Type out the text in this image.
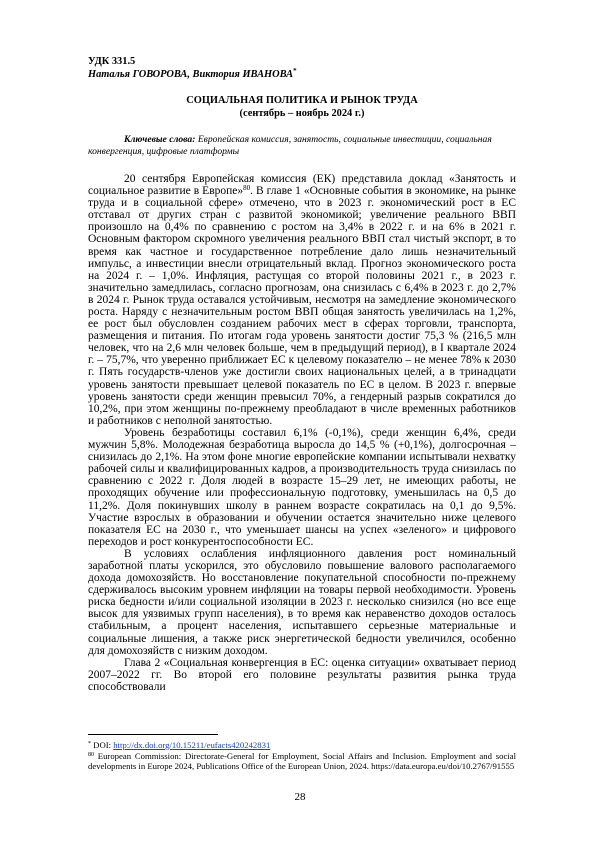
УДК 331.5
Наталья ГОВОРОВА, Виктория ИВАНОВА*
СОЦИАЛЬНАЯ ПОЛИТИКА И РЫНОК ТРУДА
(сентябрь – ноябрь 2024 г.)
Ключевые слова: Европейская комиссия, занятость, социальные инвестиции, социальная конвергенция, цифровые платформы

20 сентября Европейская комиссия (ЕК) представила доклад «Занятость и социальное развитие в Европе»$^{80}$. В главе 1 «Основные события в экономике, на рынке труда и в социальной сфере» отмечено, что в 2023 г. экономический рост в ЕС отставал от других стран с развитой экономикой; увеличение реального ВВП произошло на 0,4% по сравнению с ростом на 3,4% в 2022 г. и на 6% в 2021 г. Основным фактором скромного увеличения реального ВВП стал чистый экспорт, в то время как частное и государственное потребление дало лишь незначительный импульс, а инвестиции внесли отрицательный вклад. Прогноз экономического роста на 2024 г. – 1,0%. Инфляция, растущая со второй половины 2021 г., в 2023 г. значительно замедлилась, согласно прогнозам, она снизилась с 6,4% в 2023 г. до 2,7% в 2024 г. Рынок труда оставался устойчивым, несмотря на замедление экономического роста. Наряду с незначительным ростом ВВП общая занятость увеличилась на 1,2%, ее рост был обусловлен созданием рабочих мест в сферах торговли, транспорта, размещения и питания. По итогам года уровень занятости достиг 75,3 % (216,5 млн человек, что на 2,6 млн человек больше, чем в предыдущий период), в I квартале 2024 г. – 75,7%, что уверенно приближает ЕС к целевому показателю – не менее 78% к 2030 г. Пять государств-членов уже достигли своих национальных целей, а в тринадцати уровень занятости превышает целевой показатель по ЕС в целом. В 2023 г. впервые уровень занятости среди женщин превысил 70%, а гендерный разрыв сократился до 10,2%, при этом женщины по-прежнему преобладают в числе временных работников и работников с неполной занятостью.

Уровень безработицы составил 6,1% (-0,1%), среди женщин 6,4%, среди мужчин 5,8%. Молодежная безработица выросла до 14,5 % (+0,1%), долгосрочная – снизилась до 2,1%. На этом фоне многие европейские компании испытывали нехватку рабочей силы и квалифицированных кадров, а производительность труда снизилась по сравнению с 2022 г. Доля людей в возрасте 15–29 лет, не имеющих работы, не проходящих обучение или профессиональную подготовку, уменьшилась на 0,5 до 11,2%. Доля покинувших школу в раннем возрасте сократилась на 0,1 до 9,5%. Участие взрослых в образовании и обучении остается значительно ниже целевого показателя ЕС на 2030 г., что уменьшает шансы на успех «зеленого» и цифрового переходов и рост конкурентоспособности ЕС.

В условиях ослабления инфляционного давления рост номинальный заработной платы ускорился, это обусловило повышение валового располагаемого дохода домохозяйств. Но восстановление покупательной способности по-прежнему сдерживалось высоким уровнем инфляции на товары первой необходимости. Уровень риска бедности и/или социальной изоляции в 2023 г. несколько снизился (но все еще высок для уязвимых групп населения), в то время как неравенство доходов осталось стабильным, а процент населения, испытавшего серьезные материальные и социальные лишения, а также риск энергетической бедности увеличился, особенно для домохозяйств с низким доходом.

Глава 2 «Социальная конвергенция в ЕС: оценка ситуации» охватывает период 2007–2022 гг. Во второй его половине результаты развития рынка труда способствовали

* DOI: http://dx.doi.org/10.15211/eufacts420242831

$^{80}$ European Commission: Directorate-General for Employment, Social Affairs and Inclusion. Employment and social developments in Europe 2024, Publications Office of the European Union, 2024. https://data.europa.eu/doi/10.2767/91555

28
